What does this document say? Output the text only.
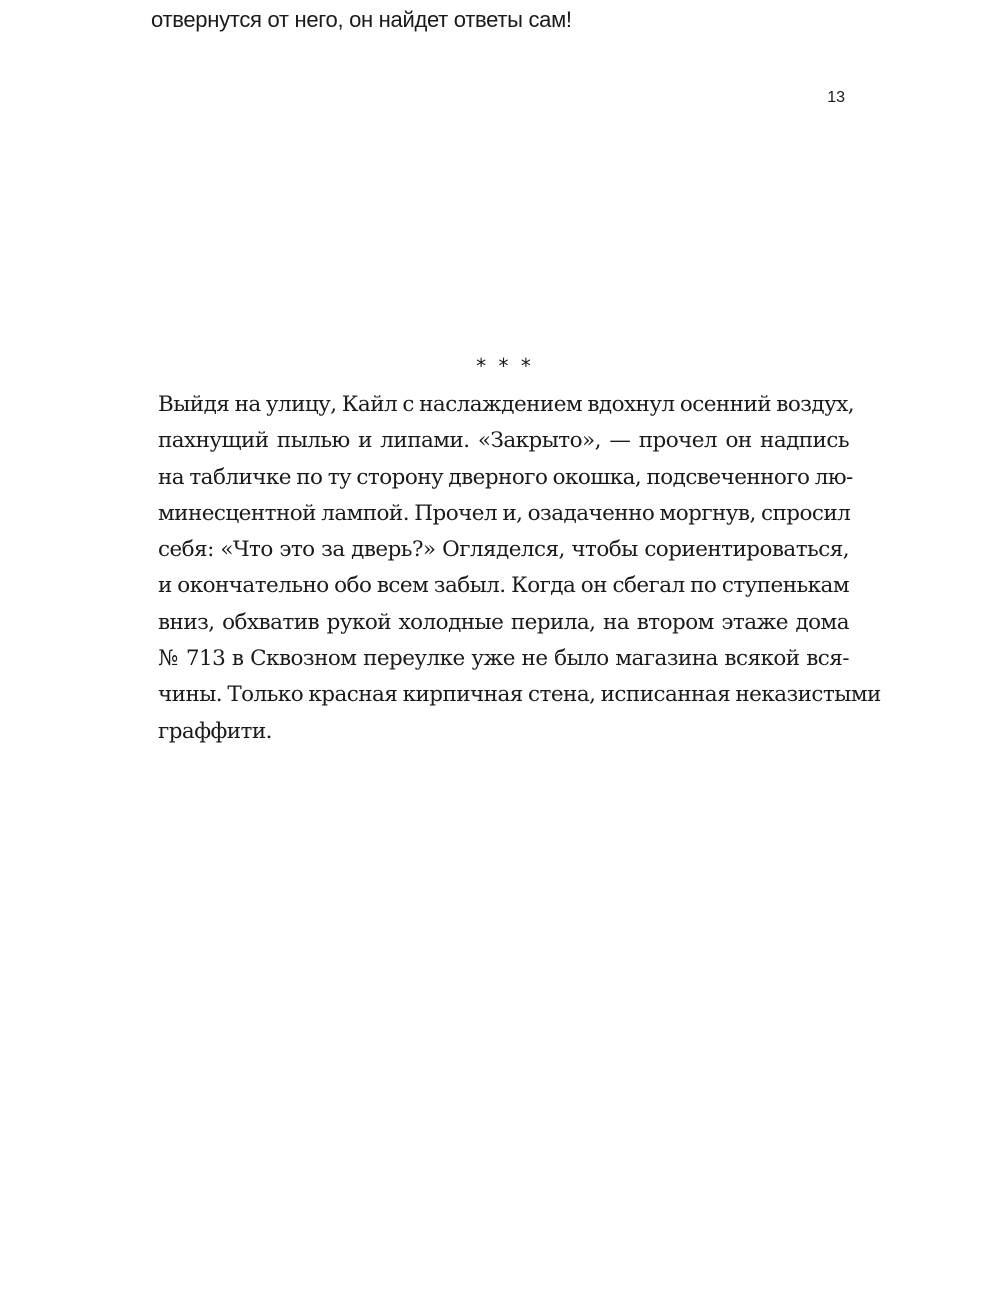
отвернутся от него, он найдет ответы сам!
13
* * *

Выйдя на улицу, Кайл с наслаждением вдохнул осенний воздух,
пахнущий пылью и липами. «Закрыто», — прочел он надпись
на табличке по ту сторону дверного окошка, подсвеченного лю-
минесцентной лампой. Прочел и, озадаченно моргнув, спросил
себя: «Что это за дверь?» Огляделся, чтобы сориентироваться,
и окончательно обо всем забыл. Когда он сбегал по ступенькам
вниз, обхватив рукой холодные перила, на втором этаже дома
№ 713 в Сквозном переулке уже не было магазина всякой вся-
чины. Только красная кирпичная стена, исписанная неказистыми
граффити.
